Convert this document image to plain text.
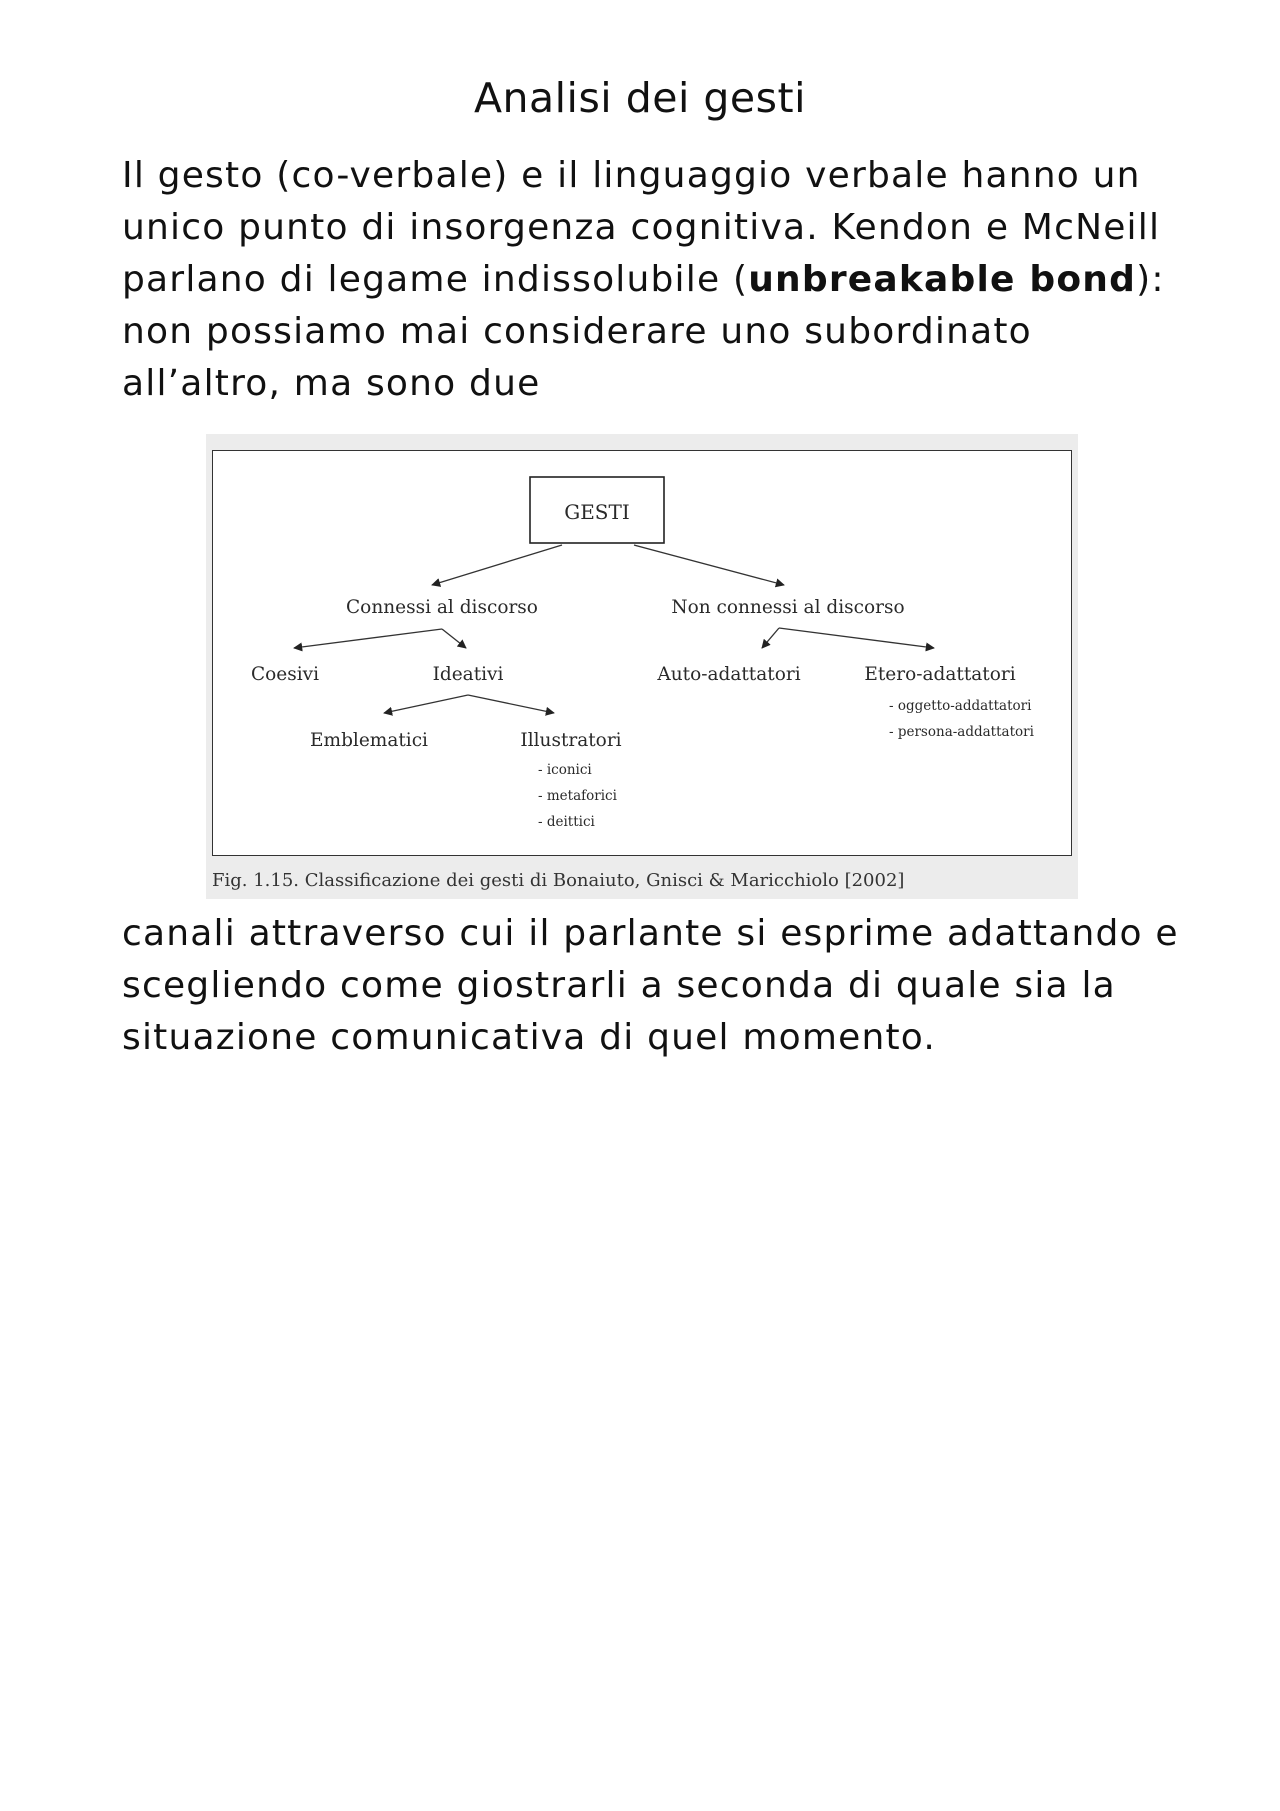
Analisi dei gesti

Il gesto (co-verbale) e il linguaggio verbale hanno un unico punto di insorgenza cognitiva. Kendon e McNeill parlano di legame indissolubile (unbreakable bond): non possiamo mai considerare uno subordinato all’altro, ma sono due

GESTI
Connessi al discorso	Non connessi al discorso
Coesivi	Ideativi	Auto-adattatori	Etero-adattatori
- oggetto-addattatori
- persona-addattatori
Emblematici	Illustratori
- iconici
- metaforici
- deittici
Fig. 1.15. Classificazione dei gesti di Bonaiuto, Gnisci & Maricchiolo [2002]

canali attraverso cui il parlante si esprime adattando e scegliendo come giostrarli a seconda di quale sia la situazione comunicativa di quel momento.
